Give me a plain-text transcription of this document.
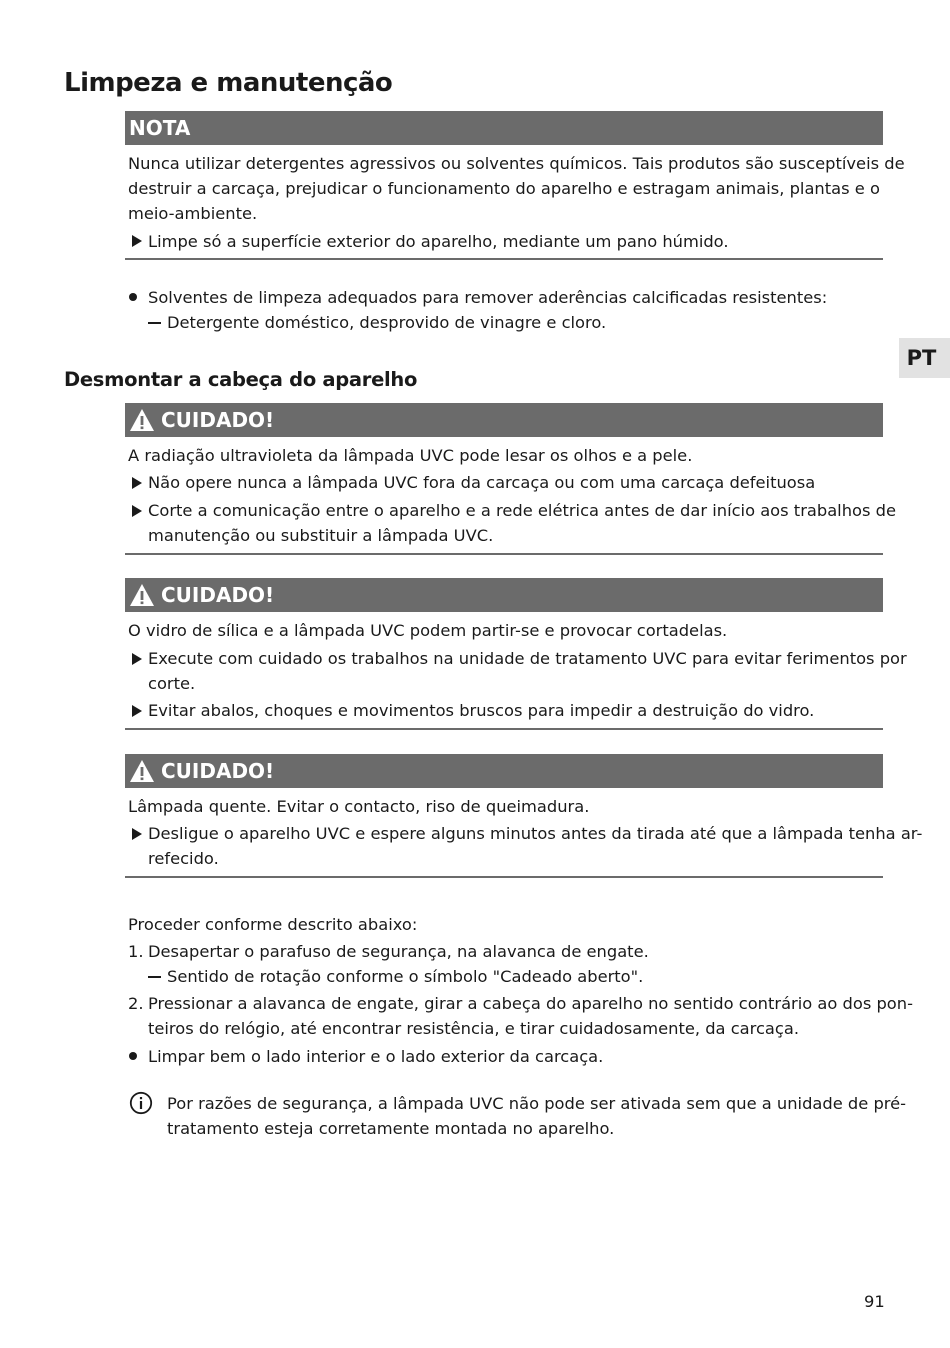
Limpeza e manutenção
PT
NOTA
Nunca utilizar detergentes agressivos ou solventes químicos. Tais produtos são susceptíveis de
destruir a carcaça, prejudicar o funcionamento do aparelho e estragam animais, plantas e o
meio-ambiente.
Limpe só a superfície exterior do aparelho, mediante um pano húmido.
Solventes de limpeza adequados para remover aderências calcificadas resistentes:
Detergente doméstico, desprovido de vinagre e cloro.
Desmontar a cabeça do aparelho
CUIDADO!
A radiação ultravioleta da lâmpada UVC pode lesar os olhos e a pele.
Não opere nunca a lâmpada UVC fora da carcaça ou com uma carcaça defeituosa
Corte a comunicação entre o aparelho e a rede elétrica antes de dar início aos trabalhos de
manutenção ou substituir a lâmpada UVC.
CUIDADO!
O vidro de sílica e a lâmpada UVC podem partir-se e provocar cortadelas.
Execute com cuidado os trabalhos na unidade de tratamento UVC para evitar ferimentos por
corte.
Evitar abalos, choques e movimentos bruscos para impedir a destruição do vidro.
CUIDADO!
Lâmpada quente. Evitar o contacto, riso de queimadura.
Desligue o aparelho UVC e espere alguns minutos antes da tirada até que a lâmpada tenha ar-
refecido.
Proceder conforme descrito abaixo:
1. Desapertar o parafuso de segurança, na alavanca de engate.
Sentido de rotação conforme o símbolo "Cadeado aberto".
2. Pressionar a alavanca de engate, girar a cabeça do aparelho no sentido contrário ao dos pon-
teiros do relógio, até encontrar resistência, e tirar cuidadosamente, da carcaça.
Limpar bem o lado interior e o lado exterior da carcaça.
Por razões de segurança, a lâmpada UVC não pode ser ativada sem que a unidade de pré-
tratamento esteja corretamente montada no aparelho.
91
